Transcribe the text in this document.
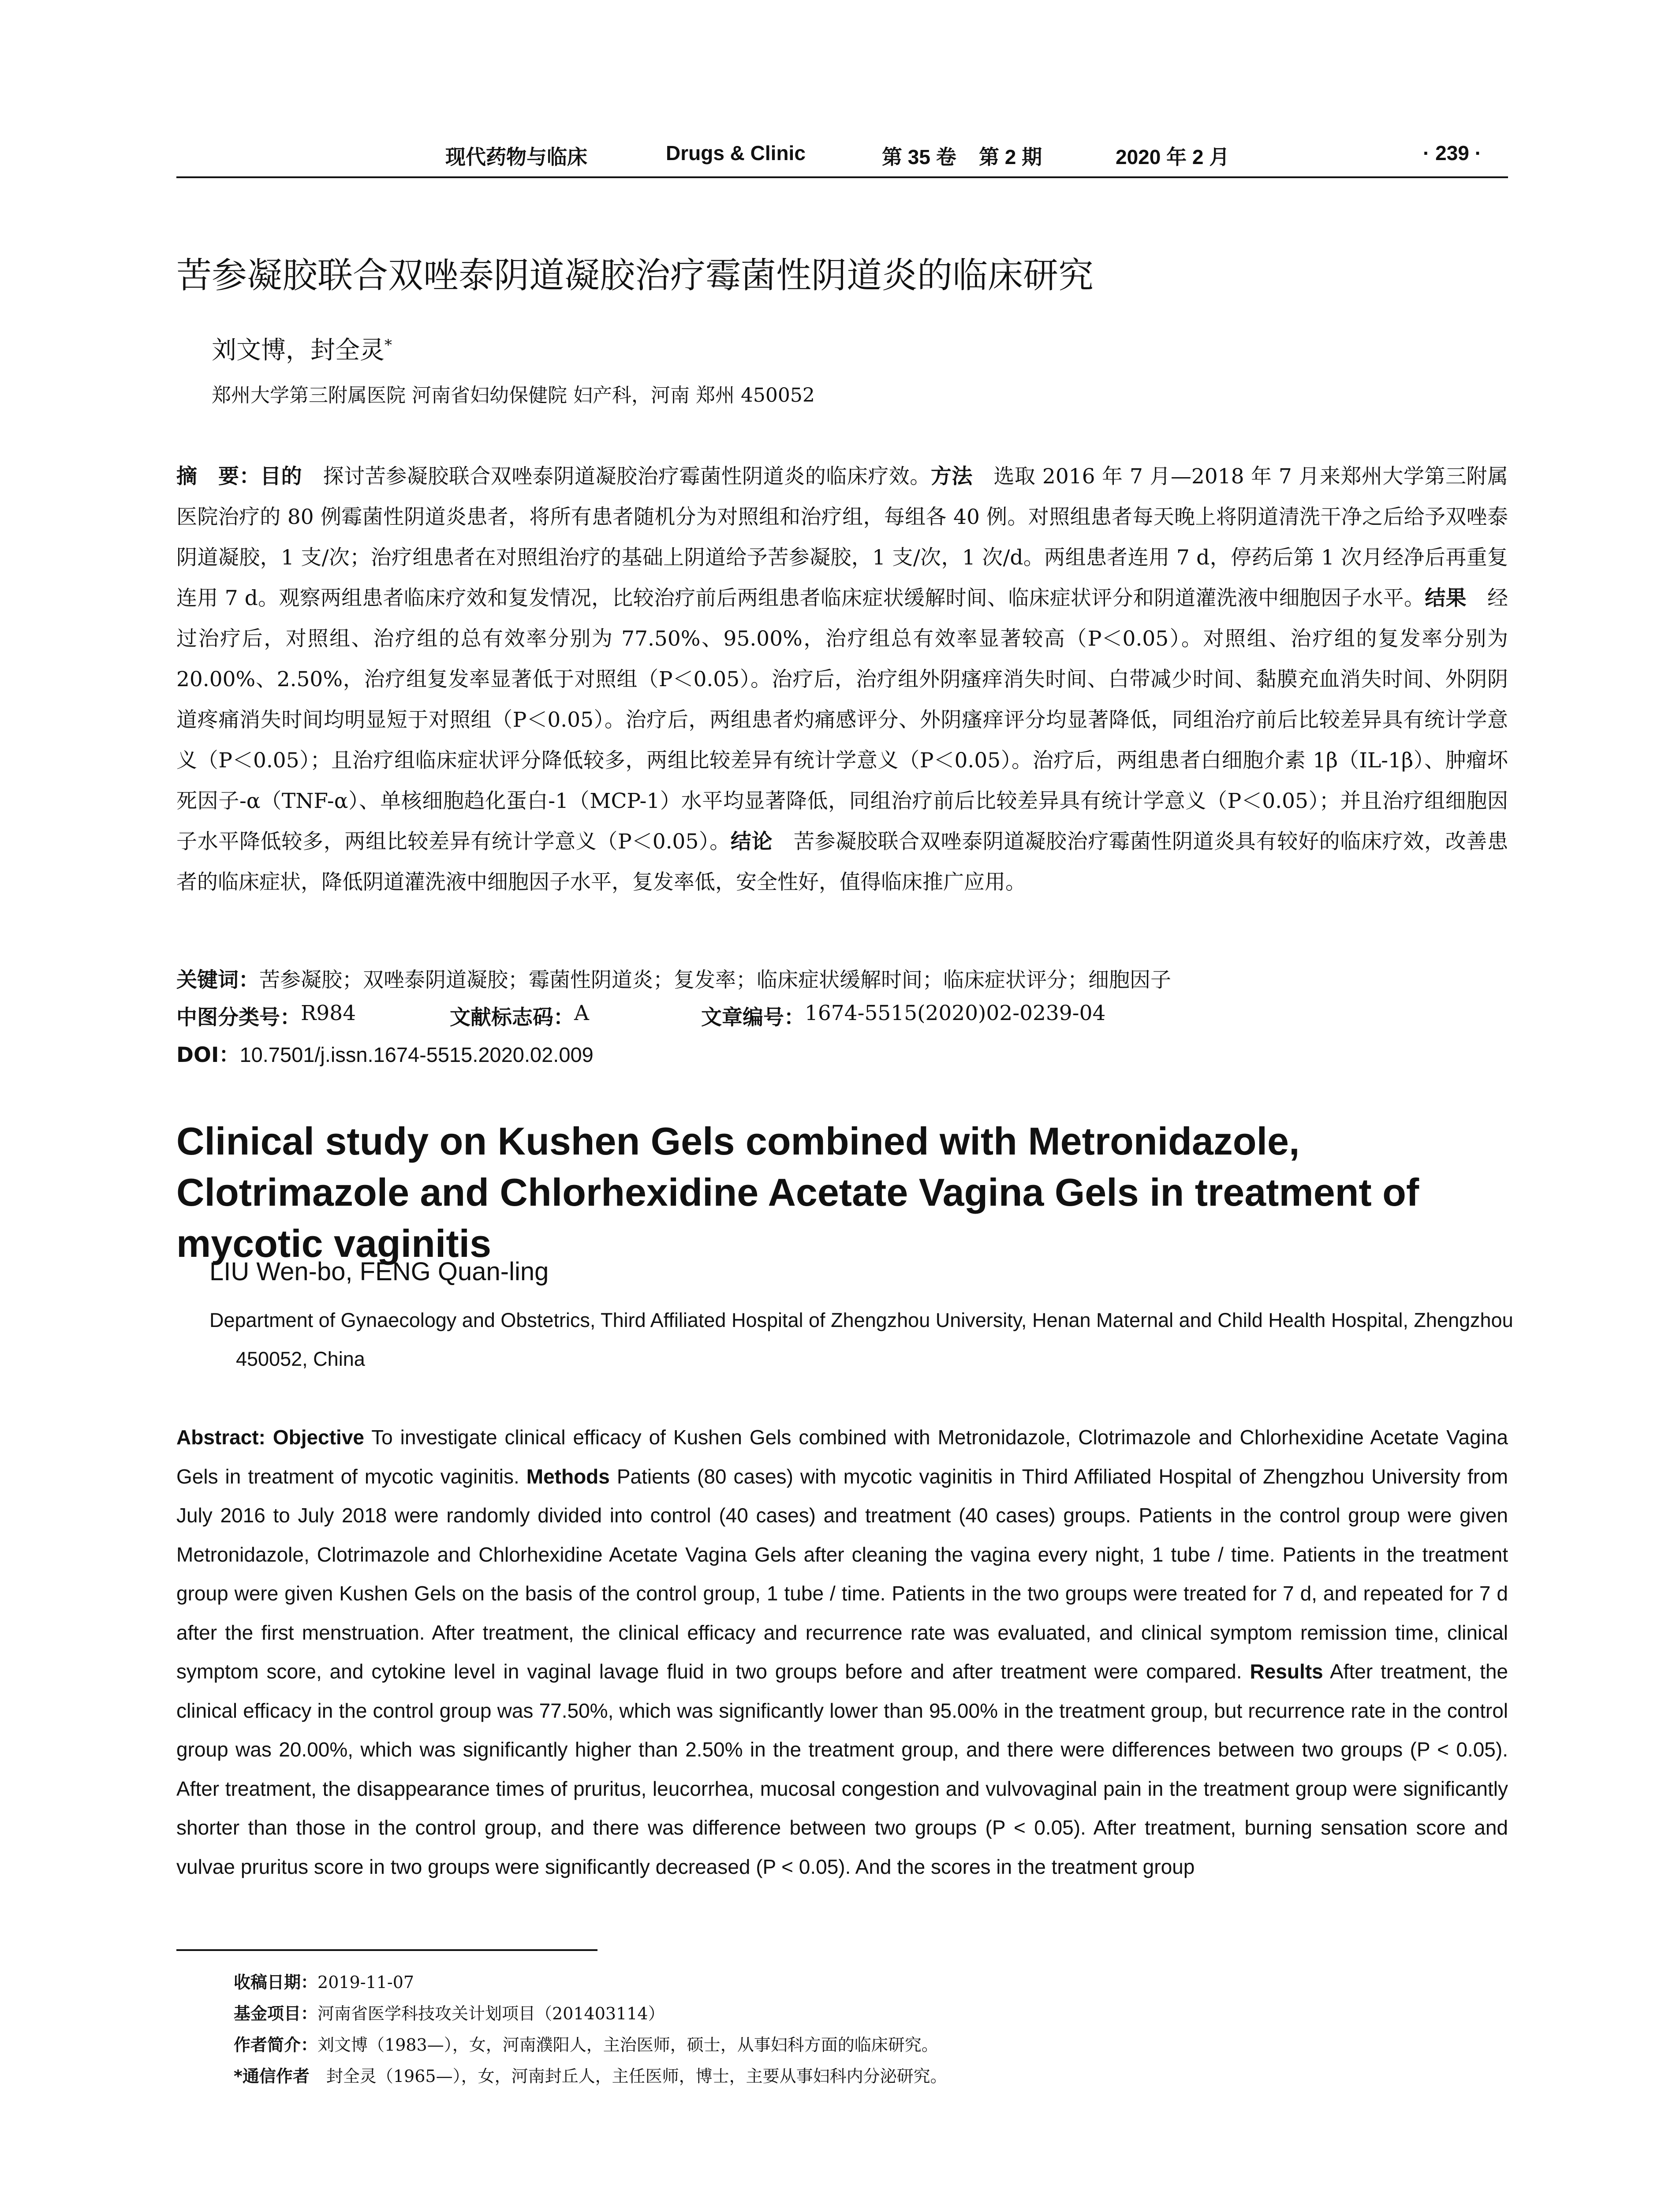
现代药物与临床	Drugs & Clinic	第 35 卷 第 2 期	2020 年 2 月	· 239 ·
苦参凝胶联合双唑泰阴道凝胶治疗霉菌性阴道炎的临床研究
刘文博，封全灵*
郑州大学第三附属医院 河南省妇幼保健院 妇产科，河南 郑州 450052
摘　要：目的　探讨苦参凝胶联合双唑泰阴道凝胶治疗霉菌性阴道炎的临床疗效。方法　选取 2016 年 7 月—2018 年 7 月来郑州大学第三附属医院治疗的 80 例霉菌性阴道炎患者，将所有患者随机分为对照组和治疗组，每组各 40 例。对照组患者每天晚上将阴道清洗干净之后给予双唑泰阴道凝胶，1 支/次；治疗组患者在对照组治疗的基础上阴道给予苦参凝胶，1 支/次，1 次/d。两组患者连用 7 d，停药后第 1 次月经净后再重复连用 7 d。观察两组患者临床疗效和复发情况，比较治疗前后两组患者临床症状缓解时间、临床症状评分和阴道灌洗液中细胞因子水平。结果　经过治疗后，对照组、治疗组的总有效率分别为 77.50%、95.00%，治疗组总有效率显著较高（P＜0.05）。对照组、治疗组的复发率分别为 20.00%、2.50%，治疗组复发率显著低于对照组（P＜0.05）。治疗后，治疗组外阴瘙痒消失时间、白带减少时间、黏膜充血消失时间、外阴阴道疼痛消失时间均明显短于对照组（P＜0.05）。治疗后，两组患者灼痛感评分、外阴瘙痒评分均显著降低，同组治疗前后比较差异具有统计学意义（P＜0.05）；且治疗组临床症状评分降低较多，两组比较差异有统计学意义（P＜0.05）。治疗后，两组患者白细胞介素 1β（IL-1β）、肿瘤坏死因子-α（TNF-α）、单核细胞趋化蛋白-1（MCP-1）水平均显著降低，同组治疗前后比较差异具有统计学意义（P＜0.05）；并且治疗组细胞因子水平降低较多，两组比较差异有统计学意义（P＜0.05）。结论　苦参凝胶联合双唑泰阴道凝胶治疗霉菌性阴道炎具有较好的临床疗效，改善患者的临床症状，降低阴道灌洗液中细胞因子水平，复发率低，安全性好，值得临床推广应用。
关键词：苦参凝胶；双唑泰阴道凝胶；霉菌性阴道炎；复发率；临床症状缓解时间；临床症状评分；细胞因子
中图分类号： R984	文献标志码： A	文章编号： 1674-5515(2020)02-0239-04
DOI：10.7501/j.issn.1674-5515.2020.02.009
Clinical study on Kushen Gels combined with Metronidazole, Clotrimazole and Chlorhexidine Acetate Vagina Gels in treatment of mycotic vaginitis
LIU Wen-bo, FENG Quan-ling
Department of Gynaecology and Obstetrics, Third Affiliated Hospital of Zhengzhou University, Henan Maternal and Child Health Hospital, Zhengzhou 450052, China
Abstract: Objective To investigate clinical efficacy of Kushen Gels combined with Metronidazole, Clotrimazole and Chlorhexidine Acetate Vagina Gels in treatment of mycotic vaginitis. Methods Patients (80 cases) with mycotic vaginitis in Third Affiliated Hospital of Zhengzhou University from July 2016 to July 2018 were randomly divided into control (40 cases) and treatment (40 cases) groups. Patients in the control group were given Metronidazole, Clotrimazole and Chlorhexidine Acetate Vagina Gels after cleaning the vagina every night, 1 tube / time. Patients in the treatment group were given Kushen Gels on the basis of the control group, 1 tube / time. Patients in the two groups were treated for 7 d, and repeated for 7 d after the first menstruation. After treatment, the clinical efficacy and recurrence rate was evaluated, and clinical symptom remission time, clinical symptom score, and cytokine level in vaginal lavage fluid in two groups before and after treatment were compared. Results After treatment, the clinical efficacy in the control group was 77.50%, which was significantly lower than 95.00% in the treatment group, but recurrence rate in the control group was 20.00%, which was significantly higher than 2.50% in the treatment group, and there were differences between two groups (P < 0.05). After treatment, the disappearance times of pruritus, leucorrhea, mucosal congestion and vulvovaginal pain in the treatment group were significantly shorter than those in the control group, and there was difference between two groups (P < 0.05). After treatment, burning sensation score and vulvae pruritus score in two groups were significantly decreased (P < 0.05). And the scores in the treatment group
收稿日期：2019-11-07
基金项目：河南省医学科技攻关计划项目（201403114）
作者简介：刘文博（1983—），女，河南濮阳人，主治医师，硕士，从事妇科方面的临床研究。
*通信作者　封全灵（1965—），女，河南封丘人，主任医师，博士，主要从事妇科内分泌研究。
